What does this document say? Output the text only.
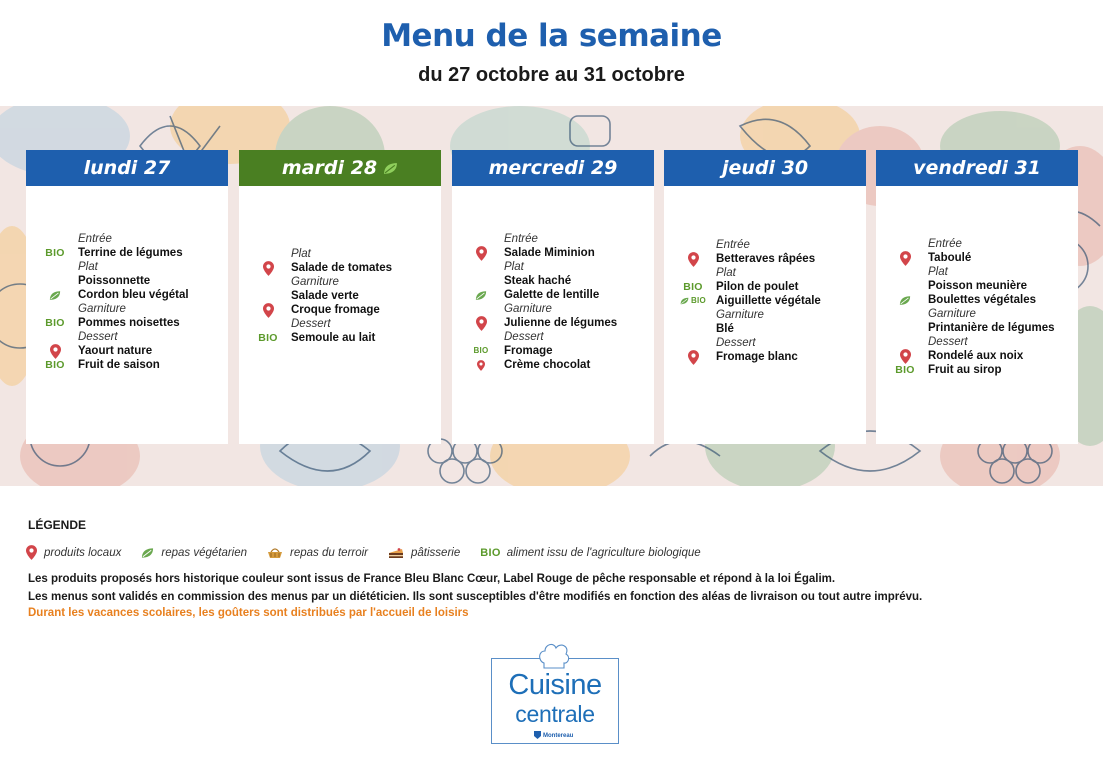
Menu de la semaine
du 27 octobre au 31 octobre
lundi 27
Entrée
Terrine de légumes
BIO
Plat
Poissonnette
Cordon bleu végétal
Garniture
Pommes noisettes
BIO
Dessert
Yaourt nature
Fruit de saison
BIO
mardi 28
Plat
Salade de tomates
Garniture
Salade verte
Croque fromage
Dessert
Semoule au lait
BIO
mercredi 29
Entrée
Salade Miminion
Plat
Steak haché
Galette de lentille
Garniture
Julienne de légumes
Dessert
Fromage
BIO
Crème chocolat
jeudi 30
Entrée
Betteraves râpées
Plat
Pilon de poulet
BIO
Aiguillette végétale
BIO
Garniture
Blé
Dessert
Fromage blanc
vendredi 31
Entrée
Taboulé
Plat
Poisson meunière
Boulettes végétales
Garniture
Printanière de légumes
Dessert
Rondelé aux noix
Fruit au sirop
BIO
LÉGENDE
produits locaux	repas végétarien	repas du terroir	pâtisserie BIO aliment issu de l'agriculture biologique
Les produits proposés hors historique couleur sont issus de France Bleu Blanc Cœur, Label Rouge de pêche responsable et répond à la loi Égalim.
Les menus sont validés en commission des menus par un diététicien. Ils sont susceptibles d'être modifiés en fonction des aléas de livraison ou tout autre imprévu.
Durant les vacances scolaires, les goûters sont distribués par l'accueil de loisirs
Cuisine
centrale
Montereau
